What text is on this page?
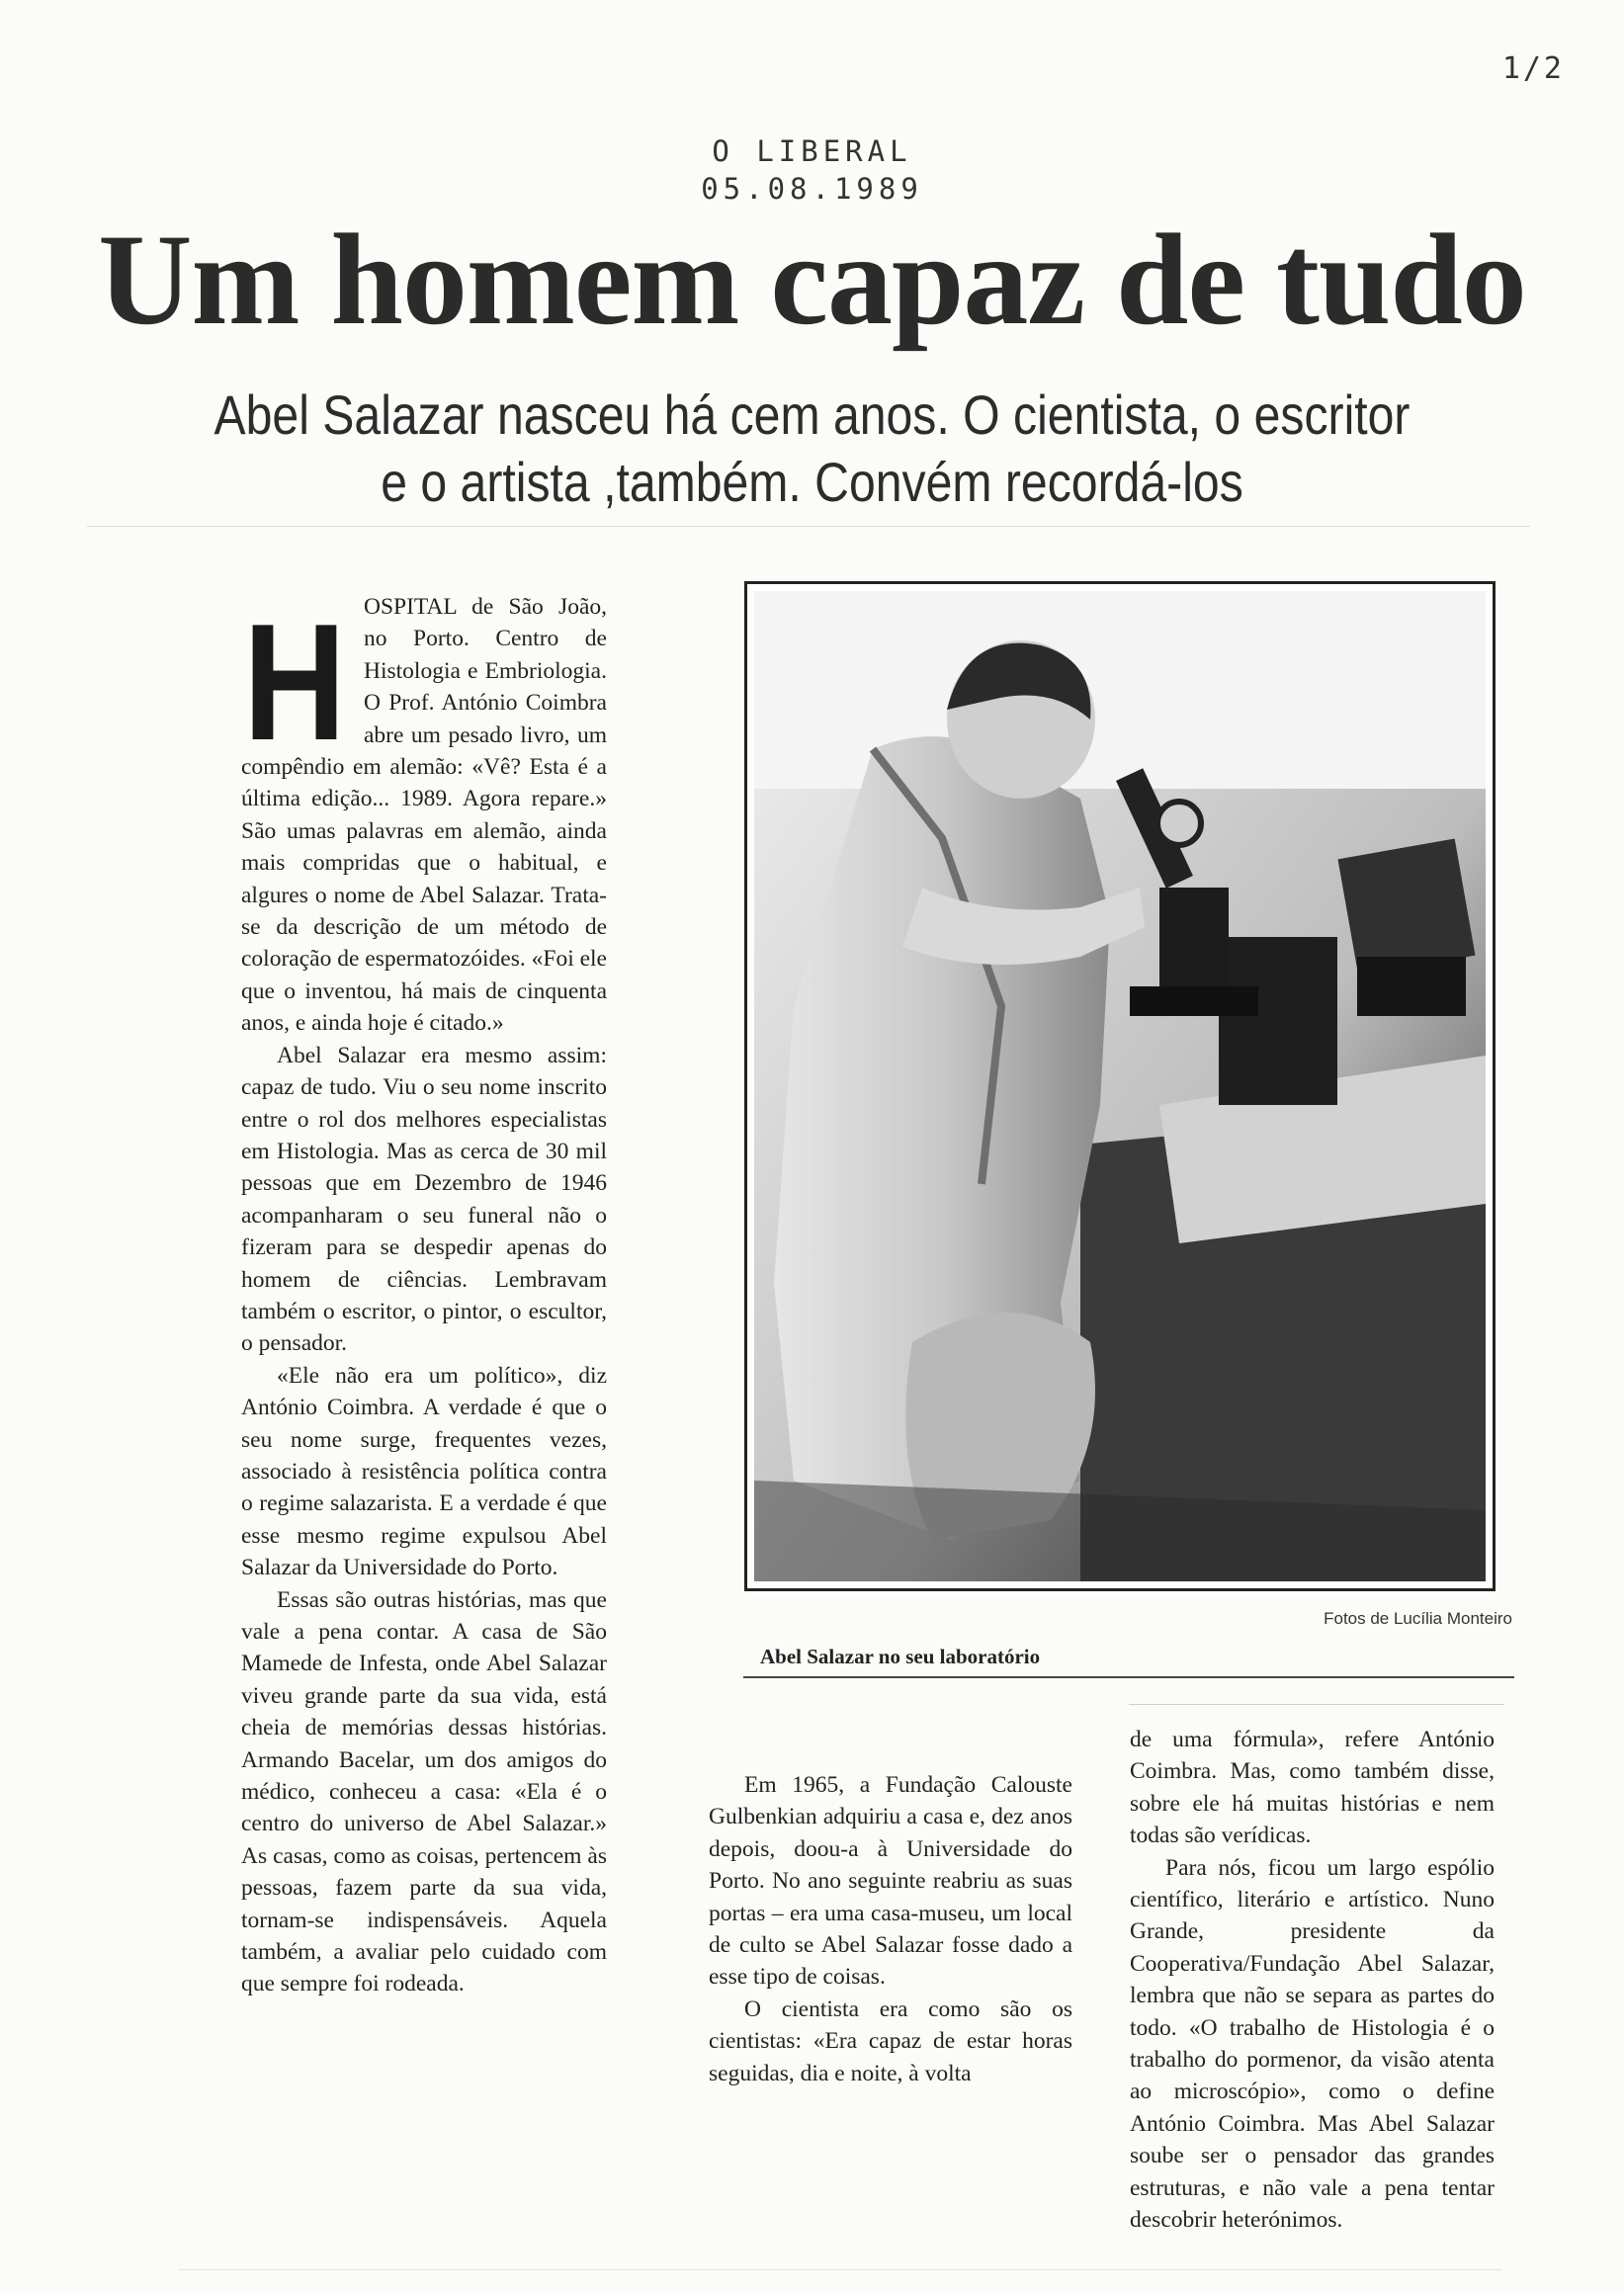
1/2
O LIBERAL
05.08.1989
Um homem capaz de tudo
Abel Salazar nasceu há cem anos. O cientista, o escritor
e o artista ,também. Convém recordá-los
H OSPITAL de São João, no Porto. Centro de Histologia e Embriologia. O Prof. António Coimbra abre um pesado livro, um compêndio em alemão: «Vê? Esta é a última edição... 1989. Agora repare.» São umas palavras em alemão, ainda mais compridas que o habitual, e algures o nome de Abel Salazar. Trata-se da descrição de um método de coloração de espermatozóides. «Foi ele que o inventou, há mais de cinquenta anos, e ainda hoje é citado.»

Abel Salazar era mesmo assim: capaz de tudo. Viu o seu nome inscrito entre o rol dos melhores especialistas em Histologia. Mas as cerca de 30 mil pessoas que em Dezembro de 1946 acompanharam o seu funeral não o fizeram para se despedir apenas do homem de ciências. Lembravam também o escritor, o pintor, o escultor, o pensador.

«Ele não era um político», diz António Coimbra. A verdade é que o seu nome surge, frequentes vezes, associado à resistência política contra o regime salazarista. E a verdade é que esse mesmo regime expulsou Abel Salazar da Universidade do Porto.

Essas são outras histórias, mas que vale a pena contar. A casa de São Mamede de Infesta, onde Abel Salazar viveu grande parte da sua vida, está cheia de memórias dessas histórias. Armando Bacelar, um dos amigos do médico, conheceu a casa: «Ela é o centro do universo de Abel Salazar.» As casas, como as coisas, pertencem às pessoas, fazem parte da sua vida, tornam-se indispensáveis. Aquela também, a avaliar pelo cuidado com que sempre foi rodeada.

Fotos de Lucília Monteiro
Abel Salazar no seu laboratório

Em 1965, a Fundação Calouste Gulbenkian adquiriu a casa e, dez anos depois, doou-a à Universidade do Porto. No ano seguinte reabriu as suas portas – era uma casa-museu, um local de culto se Abel Salazar fosse dado a esse tipo de coisas.

O cientista era como são os cientistas: «Era capaz de estar horas seguidas, dia e noite, à volta

de uma fórmula», refere António Coimbra. Mas, como também disse, sobre ele há muitas histórias e nem todas são verídicas.

Para nós, ficou um largo espólio científico, literário e artístico. Nuno Grande, presidente da Cooperativa/Fundação Abel Salazar, lembra que não se separa as partes do todo. «O trabalho de Histologia é o trabalho do pormenor, da visão atenta ao microscópio», como o define António Coimbra. Mas Abel Salazar soube ser o pensador das grandes estruturas, e não vale a pena tentar descobrir heterónimos.
